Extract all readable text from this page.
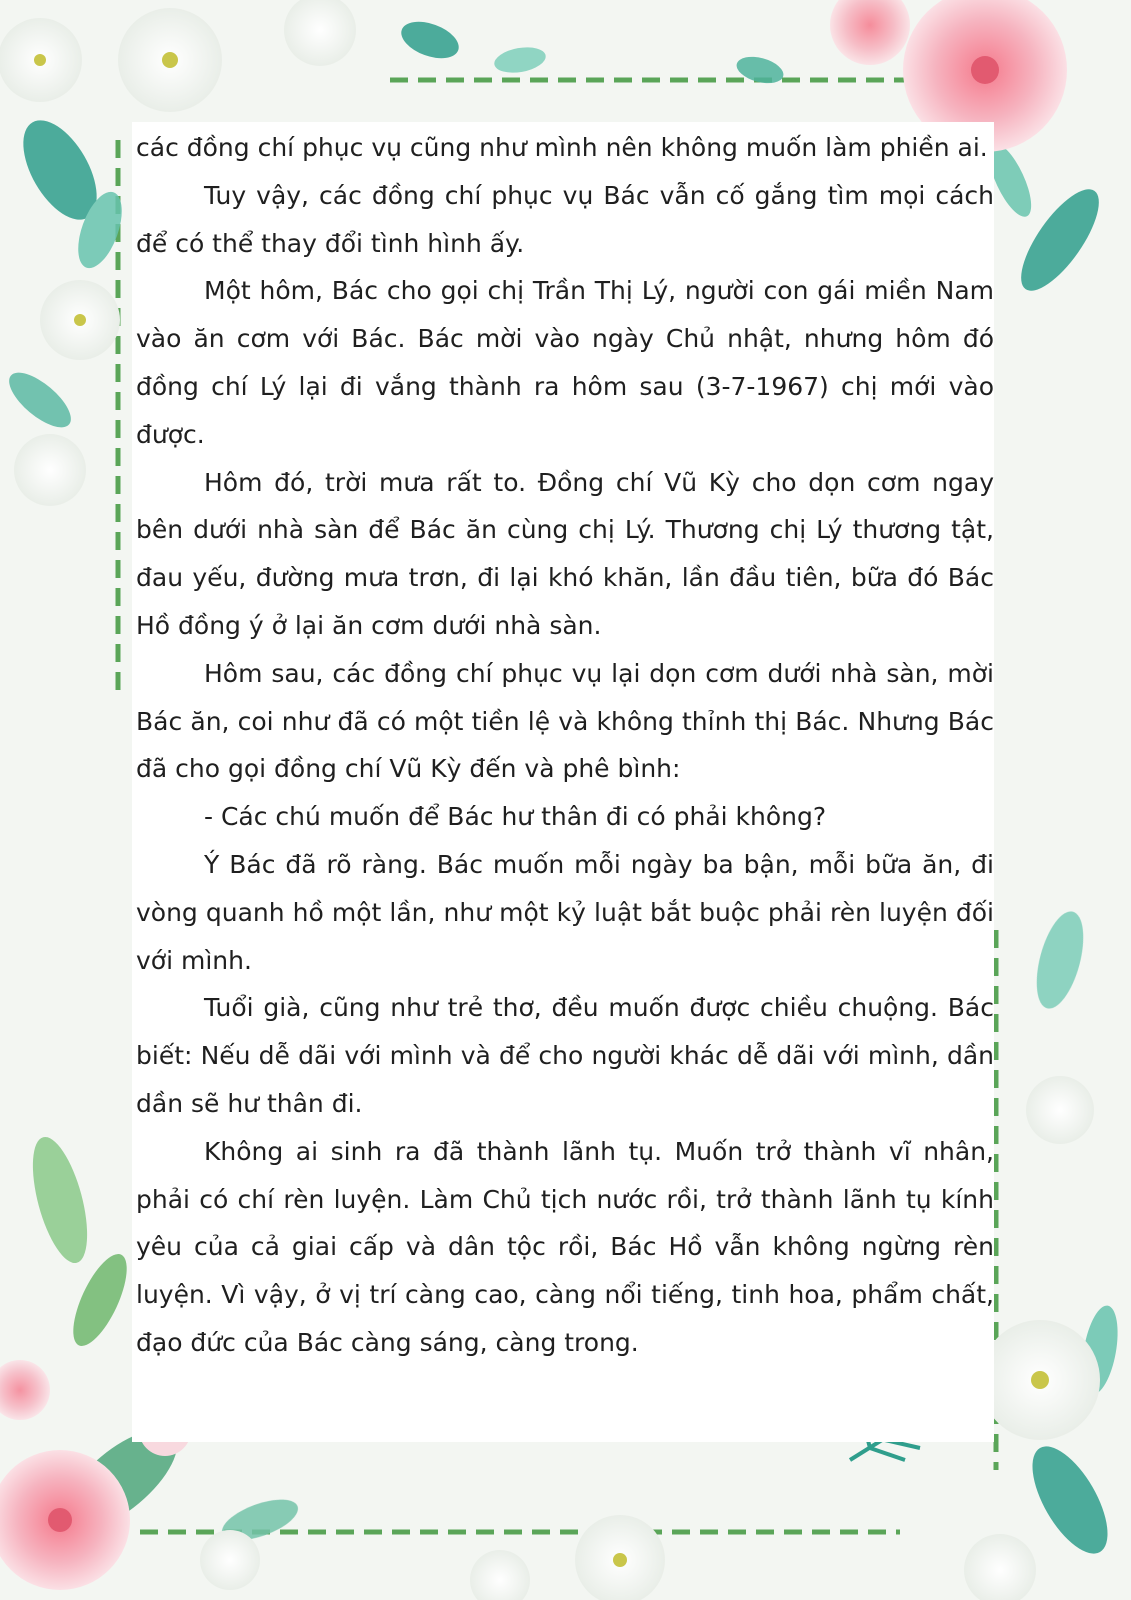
các đồng chí phục vụ cũng như mình nên không muốn làm phiền ai.

Tuy vậy, các đồng chí phục vụ Bác vẫn cố gắng tìm mọi cách để có thể thay đổi tình hình ấy.

Một hôm, Bác cho gọi chị Trần Thị Lý, người con gái miền Nam vào ăn cơm với Bác. Bác mời vào ngày Chủ nhật, nhưng hôm đó đồng chí Lý lại đi vắng thành ra hôm sau (3-7-1967) chị mới vào được.

Hôm đó, trời mưa rất to. Đồng chí Vũ Kỳ cho dọn cơm ngay bên dưới nhà sàn để Bác ăn cùng chị Lý. Thương chị Lý thương tật, đau yếu, đường mưa trơn, đi lại khó khăn, lần đầu tiên, bữa đó Bác Hồ đồng ý ở lại ăn cơm dưới nhà sàn.

Hôm sau, các đồng chí phục vụ lại dọn cơm dưới nhà sàn, mời Bác ăn, coi như đã có một tiền lệ và không thỉnh thị Bác. Nhưng Bác đã cho gọi đồng chí Vũ Kỳ đến và phê bình:

- Các chú muốn để Bác hư thân đi có phải không?

Ý Bác đã rõ ràng. Bác muốn mỗi ngày ba bận, mỗi bữa ăn, đi vòng quanh hồ một lần, như một kỷ luật bắt buộc phải rèn luyện đối với mình.

Tuổi già, cũng như trẻ thơ, đều muốn được chiều chuộng. Bác biết: Nếu dễ dãi với mình và để cho người khác dễ dãi với mình, dần dần sẽ hư thân đi.

Không ai sinh ra đã thành lãnh tụ. Muốn trở thành vĩ nhân, phải có chí rèn luyện. Làm Chủ tịch nước rồi, trở thành lãnh tụ kính yêu của cả giai cấp và dân tộc rồi, Bác Hồ vẫn không ngừng rèn luyện. Vì vậy, ở vị trí càng cao, càng nổi tiếng, tinh hoa, phẩm chất, đạo đức của Bác càng sáng, càng trong.
